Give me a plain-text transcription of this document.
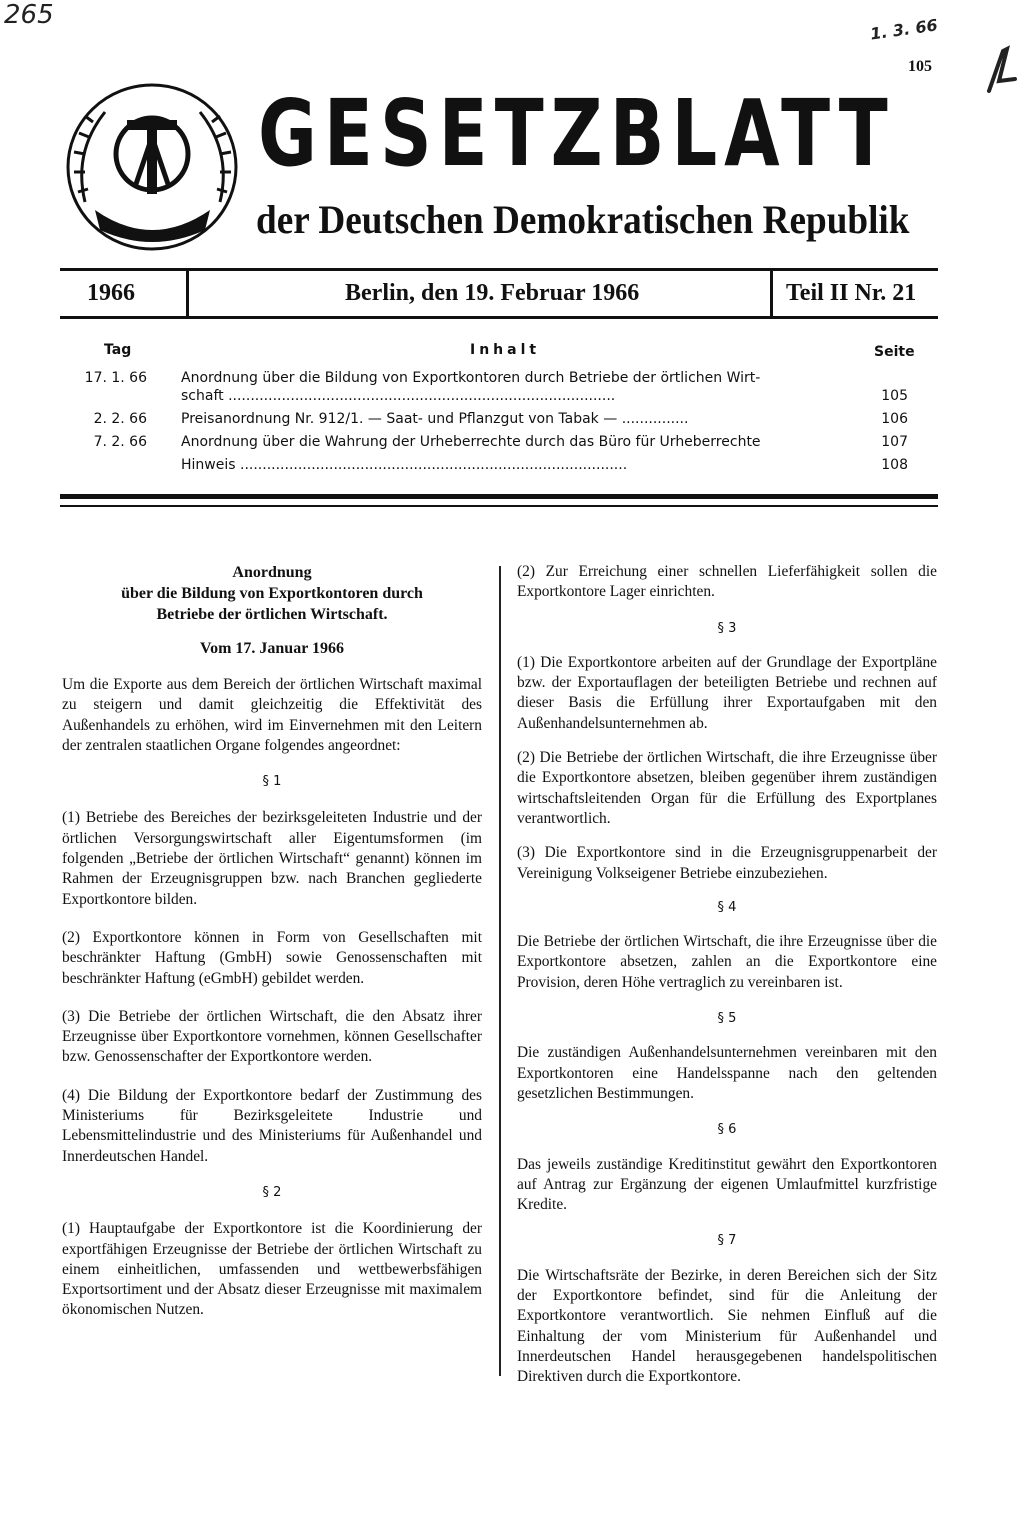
265	1. 3. 66
105
GESETZBLATT
der Deutschen Demokratischen Republik
1966	Berlin, den 19. Februar 1966	Teil II Nr. 21
Tag	Inhalt	Seite
17. 1. 66 Anordnung über die Bildung von Exportkontoren durch Betriebe der örtlichen Wirt-
schaft .......................................................................................	105
2. 2. 66 Preisanordnung Nr. 912/1. — Saat- und Pflanzgut von Tabak — ...............	106
7. 2. 66 Anordnung über die Wahrung der Urheberrechte durch das Büro für Urheberrechte	107
Hinweis .......................................................................................	108
Anordnung
über die Bildung von Exportkontoren durch
Betriebe der örtlichen Wirtschaft.
Vom 17. Januar 1966

Um die Exporte aus dem Bereich der örtlichen Wirtschaft maximal zu steigern und damit gleichzeitig die Effektivität des Außenhandels zu erhöhen, wird im Einvernehmen mit den Leitern der zentralen staatlichen Organe folgendes angeordnet:

§ 1

(1) Betriebe des Bereiches der bezirksgeleiteten Industrie und der örtlichen Versorgungswirtschaft aller Eigentumsformen (im folgenden „Betriebe der örtlichen Wirtschaft“ genannt) können im Rahmen der Erzeugnisgruppen bzw. nach Branchen gegliederte Exportkontore bilden.

(2) Exportkontore können in Form von Gesellschaften mit beschränkter Haftung (GmbH) sowie Genossenschaften mit beschränkter Haftung (eGmbH) gebildet werden.

(3) Die Betriebe der örtlichen Wirtschaft, die den Absatz ihrer Erzeugnisse über Exportkontore vornehmen, können Gesellschafter bzw. Genossenschafter der Exportkontore werden.

(4) Die Bildung der Exportkontore bedarf der Zustimmung des Ministeriums für Bezirksgeleitete Industrie und Lebensmittelindustrie und des Ministeriums für Außenhandel und Innerdeutschen Handel.

§ 2

(1) Hauptaufgabe der Exportkontore ist die Koordinierung der exportfähigen Erzeugnisse der Betriebe der örtlichen Wirtschaft zu einem einheitlichen, umfassenden und wettbewerbsfähigen Exportsortiment und der Absatz dieser Erzeugnisse mit maximalem ökonomischen Nutzen.

(2) Zur Erreichung einer schnellen Lieferfähigkeit sollen die Exportkontore Lager einrichten.

§ 3

(1) Die Exportkontore arbeiten auf der Grundlage der Exportpläne bzw. der Exportauflagen der beteiligten Betriebe und rechnen auf dieser Basis die Erfüllung ihrer Exportaufgaben mit den Außenhandelsunternehmen ab.

(2) Die Betriebe der örtlichen Wirtschaft, die ihre Erzeugnisse über die Exportkontore absetzen, bleiben gegenüber ihrem zuständigen wirtschaftsleitenden Organ für die Erfüllung des Exportplanes verantwortlich.

(3) Die Exportkontore sind in die Erzeugnisgruppenarbeit der Vereinigung Volkseigener Betriebe einzubeziehen.

§ 4

Die Betriebe der örtlichen Wirtschaft, die ihre Erzeugnisse über die Exportkontore absetzen, zahlen an die Exportkontore eine Provision, deren Höhe vertraglich zu vereinbaren ist.

§ 5

Die zuständigen Außenhandelsunternehmen vereinbaren mit den Exportkontoren eine Handelsspanne nach den geltenden gesetzlichen Bestimmungen.

§ 6

Das jeweils zuständige Kreditinstitut gewährt den Exportkontoren auf Antrag zur Ergänzung der eigenen Umlaufmittel kurzfristige Kredite.

§ 7

Die Wirtschaftsräte der Bezirke, in deren Bereichen sich der Sitz der Exportkontore befindet, sind für die Anleitung der Exportkontore verantwortlich. Sie nehmen Einfluß auf die Einhaltung der vom Ministerium für Außenhandel und Innerdeutschen Handel herausgegebenen handelspolitischen Direktiven durch die Exportkontore.
